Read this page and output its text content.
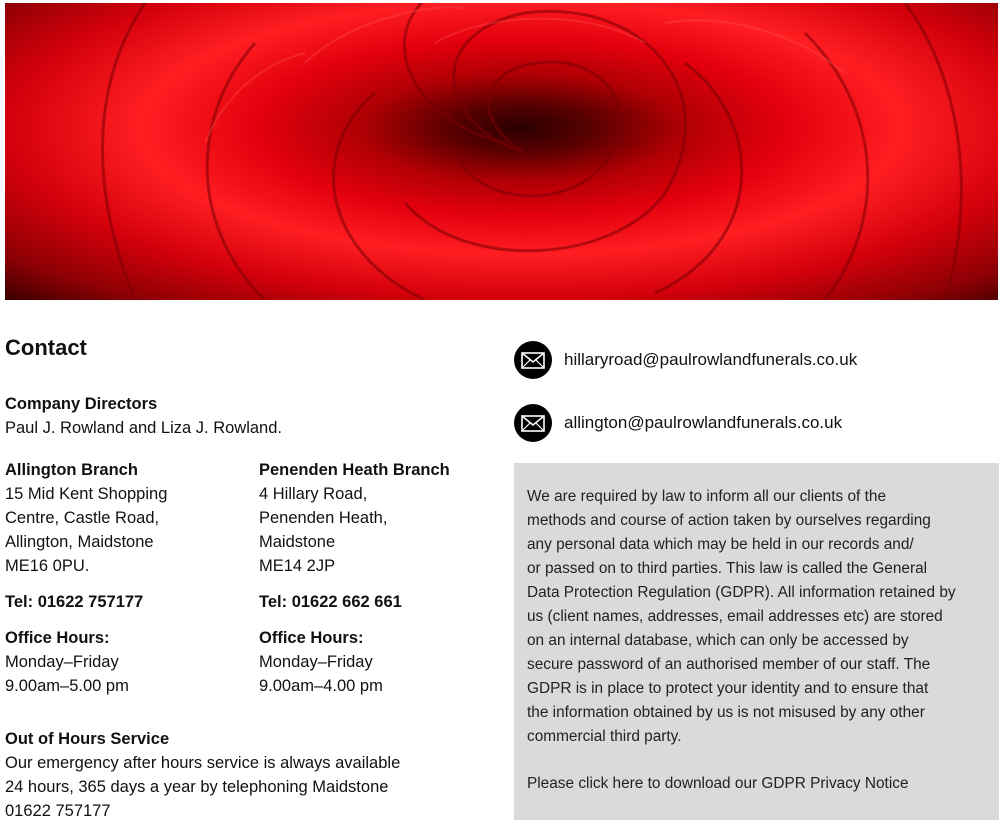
Contact
Company Directors
Paul J. Rowland and Liza J. Rowland.
Allington Branch
15 Mid Kent Shopping
Centre, Castle Road,
Allington, Maidstone
ME16 0PU.
Tel: 01622 757177
Office Hours:
Monday–Friday
9.00am–5.00 pm
Penenden Heath Branch
4 Hillary Road,
Penenden Heath,
Maidstone
ME14 2JP
Tel: 01622 662 661
Office Hours:
Monday–Friday
9.00am–4.00 pm
Out of Hours Service
Our emergency after hours service is always available
24 hours, 365 days a year by telephoning Maidstone
01622 757177
hillaryroad@paulrowlandfunerals.co.uk
allington@paulrowlandfunerals.co.uk

We are required by law to inform all our clients of the

methods and course of action taken by ourselves regarding

any personal data which may be held in our records and/

or passed on to third parties. This law is called the General

Data Protection Regulation (GDPR). All information retained by

us (client names, addresses, email addresses etc) are stored

on an internal database, which can only be accessed by

secure password of an authorised member of our staff. The

GDPR is in place to protect your identity and to ensure that

the information obtained by us is not misused by any other

commercial third party.

Please click here to download our GDPR Privacy Notice
